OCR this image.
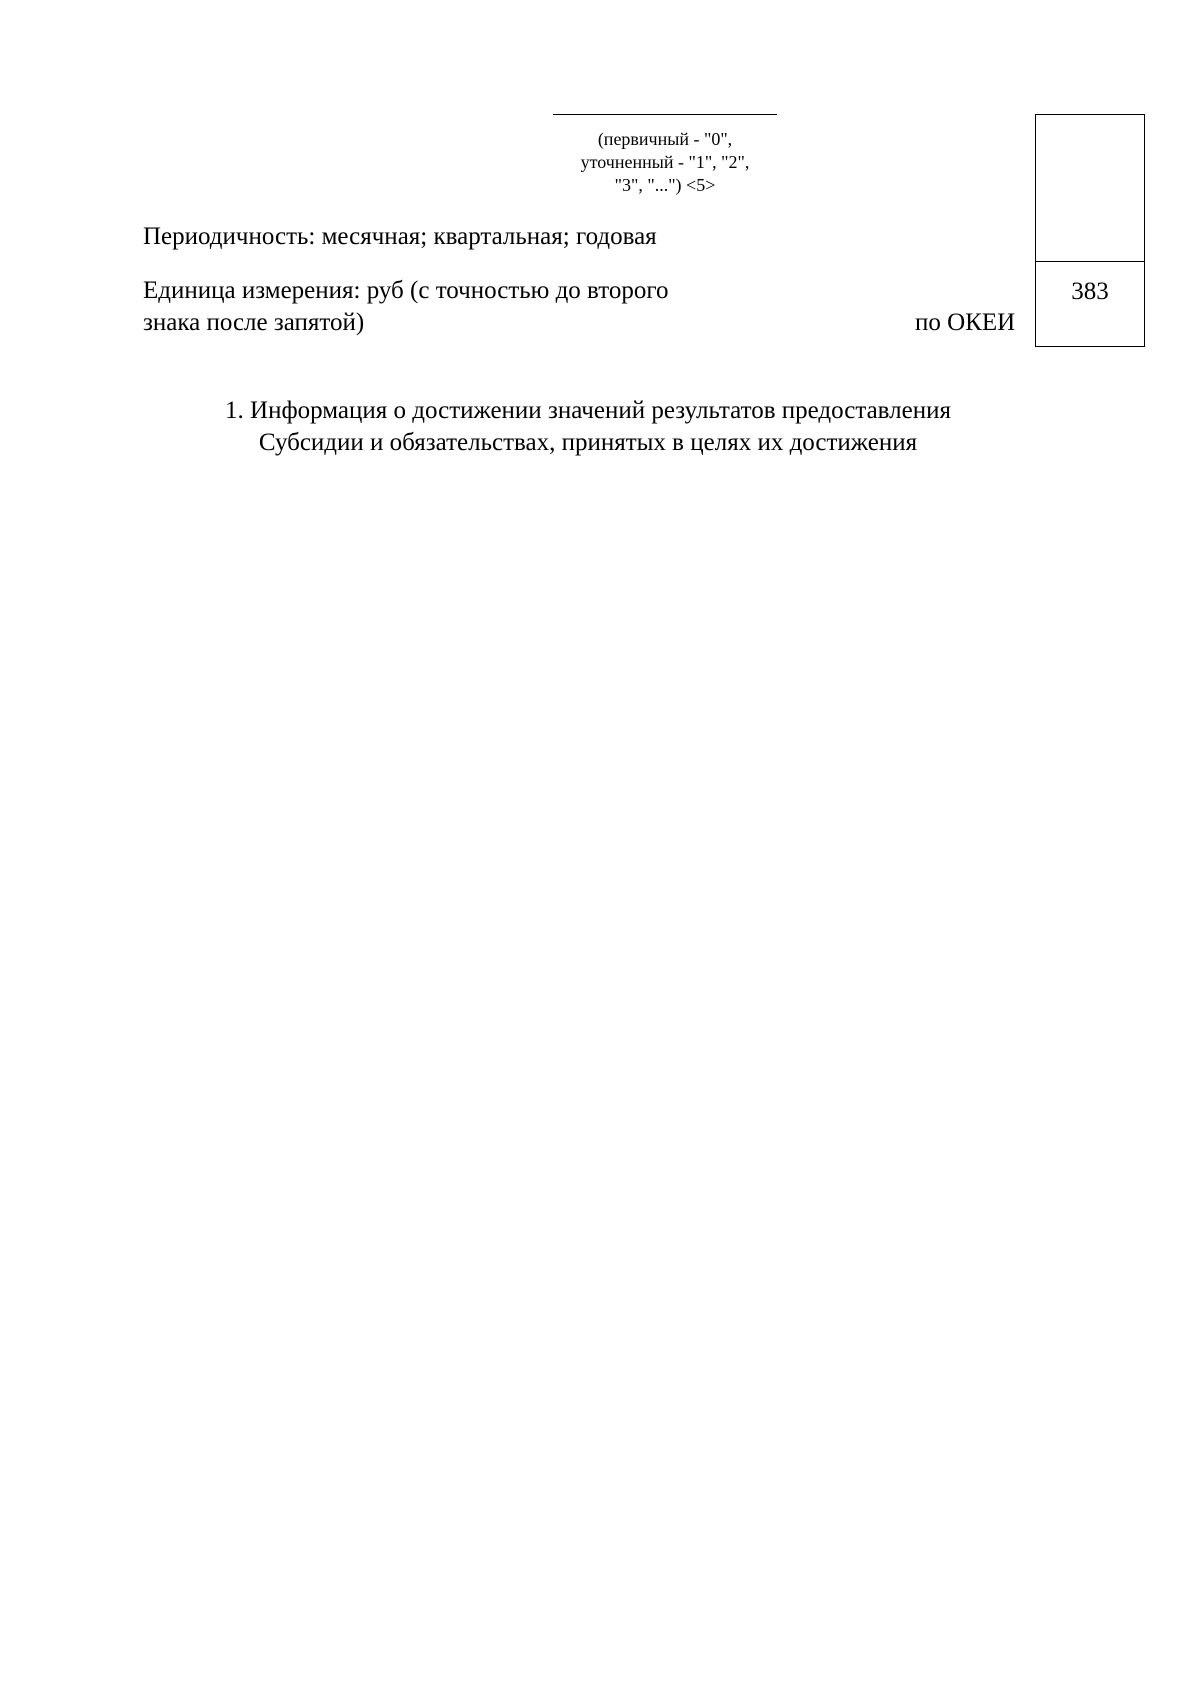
(первичный - "0",
уточненный - "1", "2",
"3", "...") <5>
Периодичность: месячная; квартальная; годовая
Единица измерения: руб (с точностью до второго
знака после запятой)	по ОКЕИ
383
1. Информация о достижении значений результатов предоставления
Субсидии и обязательствах, принятых в целях их достижения
